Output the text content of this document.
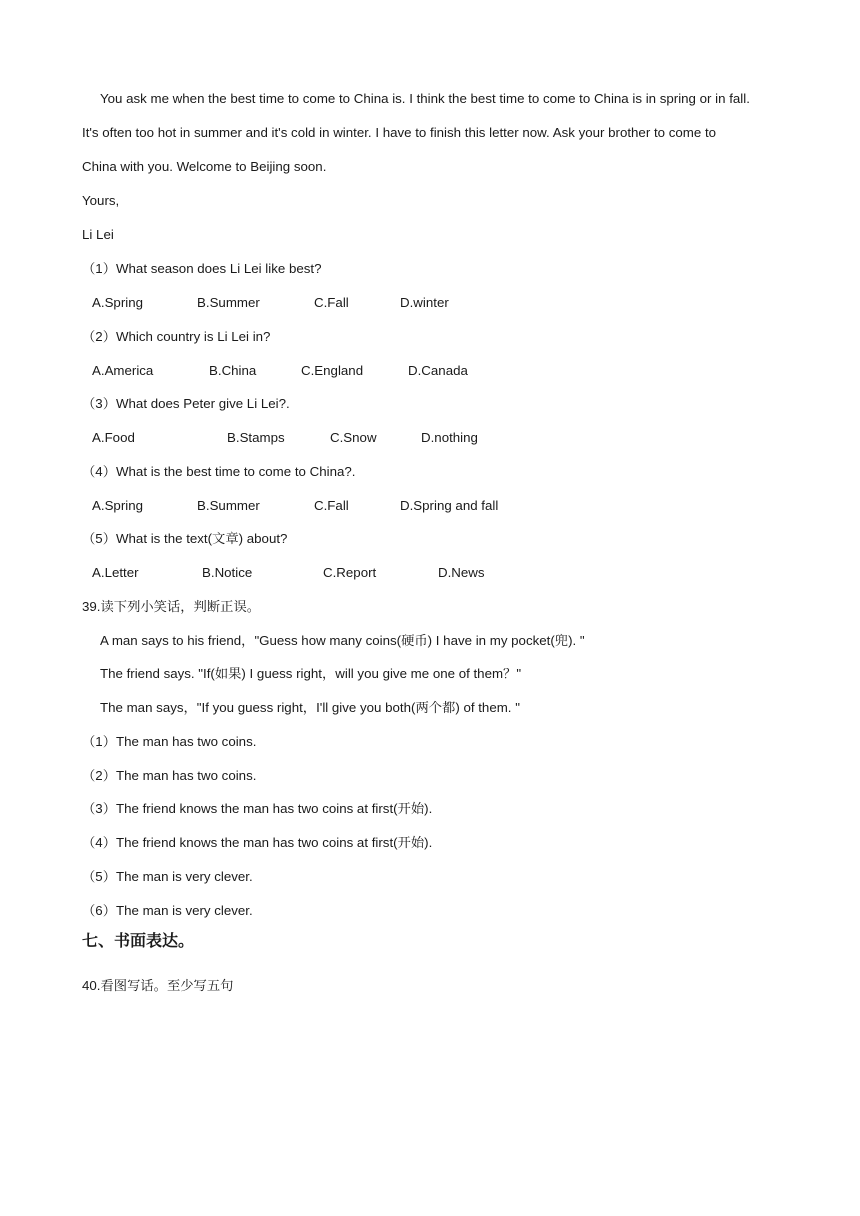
You ask me when the best time to come to China is. I think the best time to come to China is in spring or in fall.
It's often too hot in summer and it's cold in winter. I have to finish this letter now. Ask your brother to come to
China with you. Welcome to Beijing soon.
Yours,
Li Lei
（1）What season does Li Lei like best?
A.Spring	B.Summer	C.Fall	D.winter
（2）Which country is Li Lei in?
A.America	B.China	C.England	D.Canada
（3）What does Peter give Li Lei?.
A.Food	B.Stamps	C.Snow	D.nothing
（4）What is the best time to come to China?.
A.Spring	B.Summer	C.Fall	D.Spring and fall
（5）What is the text(文章) about?
A.Letter	B.Notice	C.Report	D.News
39.读下列小笑话，判断正误。
A man says to his friend，"Guess how many coins(硬币) I have in my pocket(兜). "
The friend says. "If(如果) I guess right，will you give me one of them？"
The man says，"If you guess right，I'll give you both(两个都) of them. "
（1）The man has two coins.
（2）The man has two coins.
（3）The friend knows the man has two coins at first(开始).
（4）The friend knows the man has two coins at first(开始).
（5）The man is very clever.
（6）The man is very clever.
七、书面表达。
40.看图写话。至少写五句
